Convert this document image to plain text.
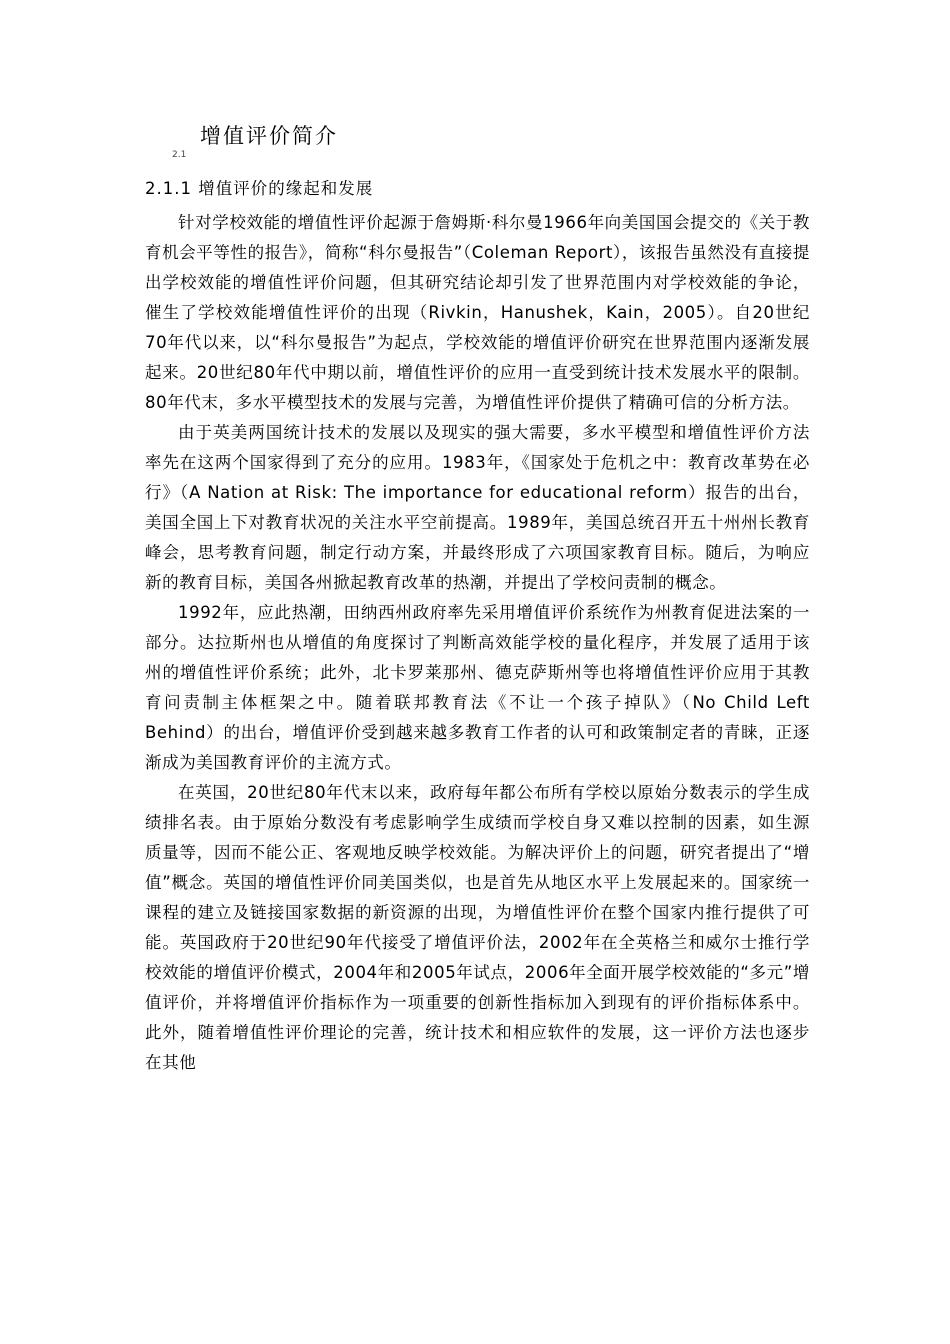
增值评价简介
2.1
2.1.1 增值评价的缘起和发展

针对学校效能的增值性评价起源于詹姆斯·科尔曼1966年向美国国会提交的《关于教育机会平等性的报告》，简称“科尔曼报告”（Coleman Report），该报告虽然没有直接提出学校效能的增值性评价问题，但其研究结论却引发了世界范围内对学校效能的争论，催生了学校效能增值性评价的出现（Rivkin，Hanushek，Kain，2005）。自20世纪70年代以来，以“科尔曼报告”为起点，学校效能的增值评价研究在世界范围内逐渐发展起来。20世纪80年代中期以前，增值性评价的应用一直受到统计技术发展水平的限制。80年代末，多水平模型技术的发展与完善，为增值性评价提供了精确可信的分析方法。

由于英美两国统计技术的发展以及现实的强大需要，多水平模型和增值性评价方法率先在这两个国家得到了充分的应用。1983年，《国家处于危机之中：教育改革势在必行》（A Nation at Risk: The importance for educational reform）报告的出台，美国全国上下对教育状况的关注水平空前提高。1989年，美国总统召开五十州州长教育峰会，思考教育问题，制定行动方案，并最终形成了六项国家教育目标。随后，为响应新的教育目标，美国各州掀起教育改革的热潮，并提出了学校问责制的概念。

1992年，应此热潮，田纳西州政府率先采用增值评价系统作为州教育促进法案的一部分。达拉斯州也从增值的角度探讨了判断高效能学校的量化程序，并发展了适用于该州的增值性评价系统；此外，北卡罗莱那州、德克萨斯州等也将增值性评价应用于其教育问责制主体框架之中。随着联邦教育法《不让一个孩子掉队》（No Child Left Behind）的出台，增值评价受到越来越多教育工作者的认可和政策制定者的青睐，正逐渐成为美国教育评价的主流方式。

在英国，20世纪80年代末以来，政府每年都公布所有学校以原始分数表示的学生成绩排名表。由于原始分数没有考虑影响学生成绩而学校自身又难以控制的因素，如生源质量等，因而不能公正、客观地反映学校效能。为解决评价上的问题，研究者提出了“增值”概念。英国的增值性评价同美国类似，也是首先从地区水平上发展起来的。国家统一课程的建立及链接国家数据的新资源的出现，为增值性评价在整个国家内推行提供了可能。英国政府于20世纪90年代接受了增值评价法，2002年在全英格兰和威尔士推行学校效能的增值评价模式，2004年和2005年试点，2006年全面开展学校效能的“多元”增值评价，并将增值评价指标作为一项重要的创新性指标加入到现有的评价指标体系中。此外，随着增值性评价理论的完善，统计技术和相应软件的发展，这一评价方法也逐步在其他
